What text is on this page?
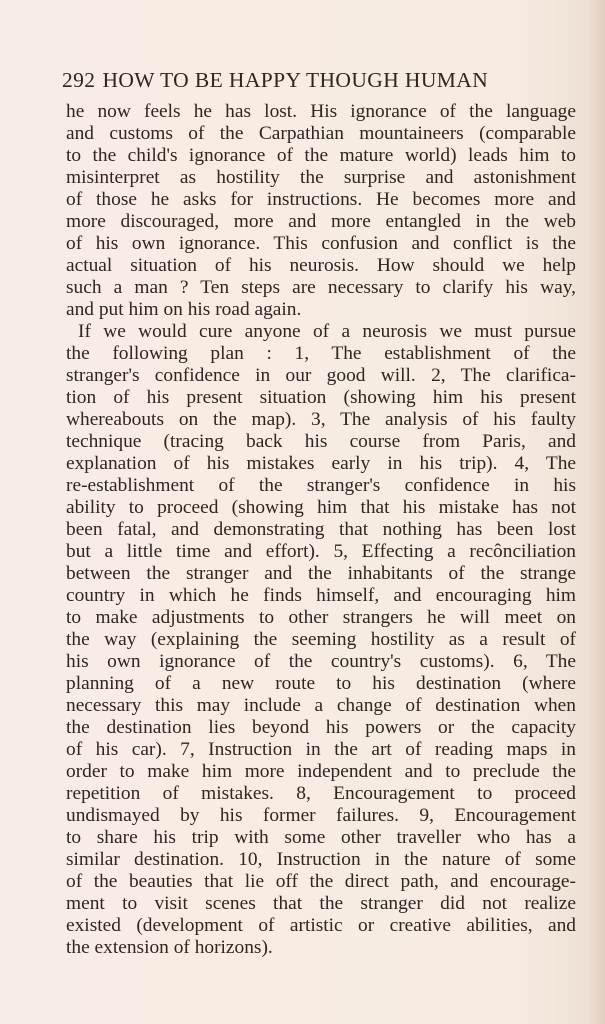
292 HOW TO BE HAPPY THOUGH HUMAN
he now feels he has lost. His ignorance of the language
and customs of the Carpathian mountaineers (comparable
to the child's ignorance of the mature world) leads him to
misinterpret as hostility the surprise and astonishment
of those he asks for instructions. He becomes more and
more discouraged, more and more entangled in the web
of his own ignorance. This confusion and conflict is the
actual situation of his neurosis. How should we help
such a man ? Ten steps are necessary to clarify his way,
and put him on his road again.
If we would cure anyone of a neurosis we must pursue
the following plan : 1, The establishment of the
stranger's confidence in our good will. 2, The clarifica-
tion of his present situation (showing him his present
whereabouts on the map). 3, The analysis of his faulty
technique (tracing back his course from Paris, and
explanation of his mistakes early in his trip). 4, The
re-establishment of the stranger's confidence in his
ability to proceed (showing him that his mistake has not
been fatal, and demonstrating that nothing has been lost
but a little time and effort). 5, Effecting a recônciliation
between the stranger and the inhabitants of the strange
country in which he finds himself, and encouraging him
to make adjustments to other strangers he will meet on
the way (explaining the seeming hostility as a result of
his own ignorance of the country's customs). 6, The
planning of a new route to his destination (where
necessary this may include a change of destination when
the destination lies beyond his powers or the capacity
of his car). 7, Instruction in the art of reading maps in
order to make him more independent and to preclude the
repetition of mistakes. 8, Encouragement to proceed
undismayed by his former failures. 9, Encouragement
to share his trip with some other traveller who has a
similar destination. 10, Instruction in the nature of some
of the beauties that lie off the direct path, and encourage-
ment to visit scenes that the stranger did not realize
existed (development of artistic or creative abilities, and
the extension of horizons).
